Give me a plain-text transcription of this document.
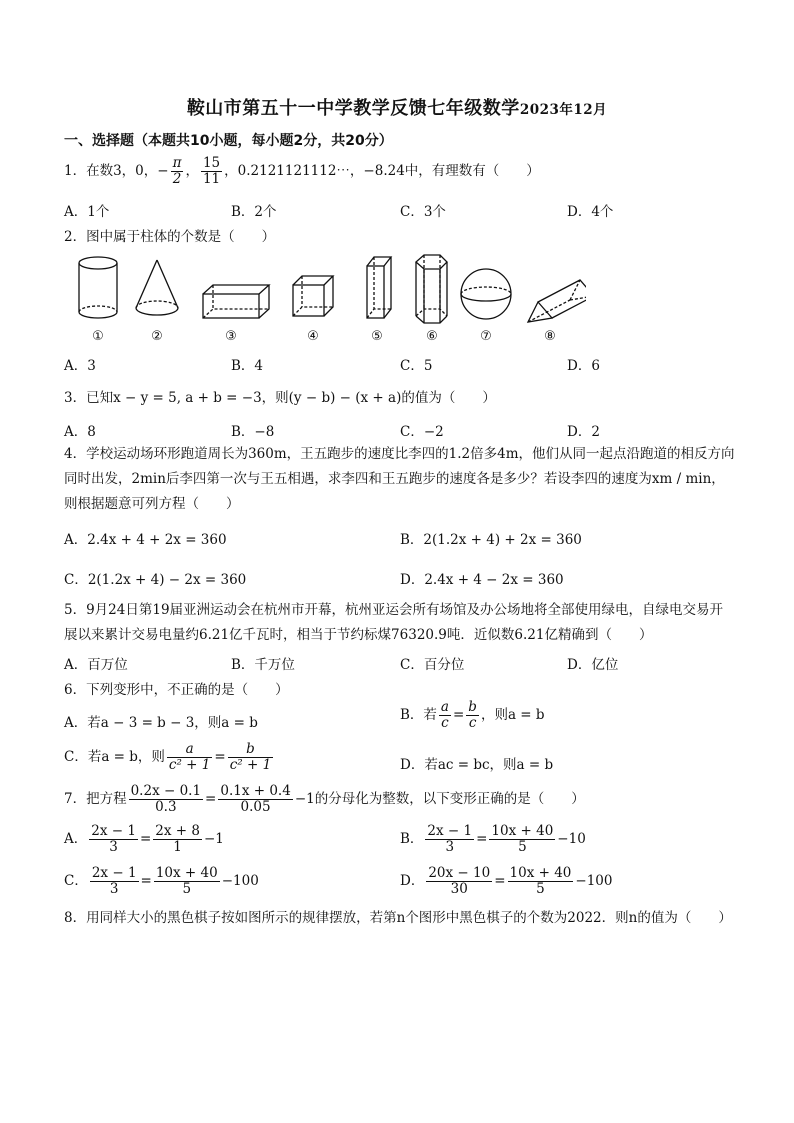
鞍山市第五十一中学教学反馈七年级数学2023年12月
一、选择题（本题共10小题，每小题2分，共20分）
1．在数3，0，− $\frac{\pi}{2}$ ， $\frac{15}{11}$ ，0.2121121112⋯，−8.24中，有理数有（　　）
A．1个	B．2个	C．3个	D．4个
2．图中属于柱体的个数是（　　）
①	②	③	④	⑤	⑥	⑦	⑧
A．3	B．4	C．5	D．6
3．已知x − y = 5, a + b = −3，则(y − b) − (x + a)的值为（　　）
A．8	B．−8	C．−2	D．2
4．学校运动场环形跑道周长为360m，王五跑步的速度比李四的1.2倍多4m，他们从同一起点沿跑道的相反方向同时出发，2min后李四第一次与王五相遇，求李四和王五跑步的速度各是多少？若设李四的速度为xm / min，则根据题意可列方程（　　）
A．2.4x + 4 + 2x = 360	B．2(1.2x + 4) + 2x = 360
C．2(1.2x + 4) − 2x = 360	D．2.4x + 4 − 2x = 360
5．9月24日第19届亚洲运动会在杭州市开幕，杭州亚运会所有场馆及办公场地将全部使用绿电，自绿电交易开展以来累计交易电量约6.21亿千瓦时，相当于节约标煤76320.9吨．近似数6.21亿精确到（　　）
A．百万位	B．千万位	C．百分位	D．亿位
6．下列变形中，不正确的是（　　）
A．若a − 3 = b − 3，则a = b
B．若 $\frac{a}{c} = \frac{b}{c}$ ，则a = b
C．若a = b，则 $\frac{a}{\text{c² + 1}} = \frac{b}{\text{c² + 1}}$	D．若ac = bc，则a = b
7．把方程 $\frac{0.2x - 0.1}{0.3} = \frac{0.1x + 0.4}{0.05} -1$的分母化为整数，以下变形正确的是（　　）
A． $\frac{2x - 1}{3} = \frac{2x + 8}{1} -1$	B． $\frac{2x - 1}{3} = \frac{10x + 40}{5} -10$
C． $\frac{2x - 1}{3} = \frac{10x + 40}{5} -100$	D． $\frac{20x - 10}{30} = \frac{10x + 40}{5} -100$
8．用同样大小的黑色棋子按如图所示的规律摆放，若第n个图形中黑色棋子的个数为2022．则n的值为（　　）
